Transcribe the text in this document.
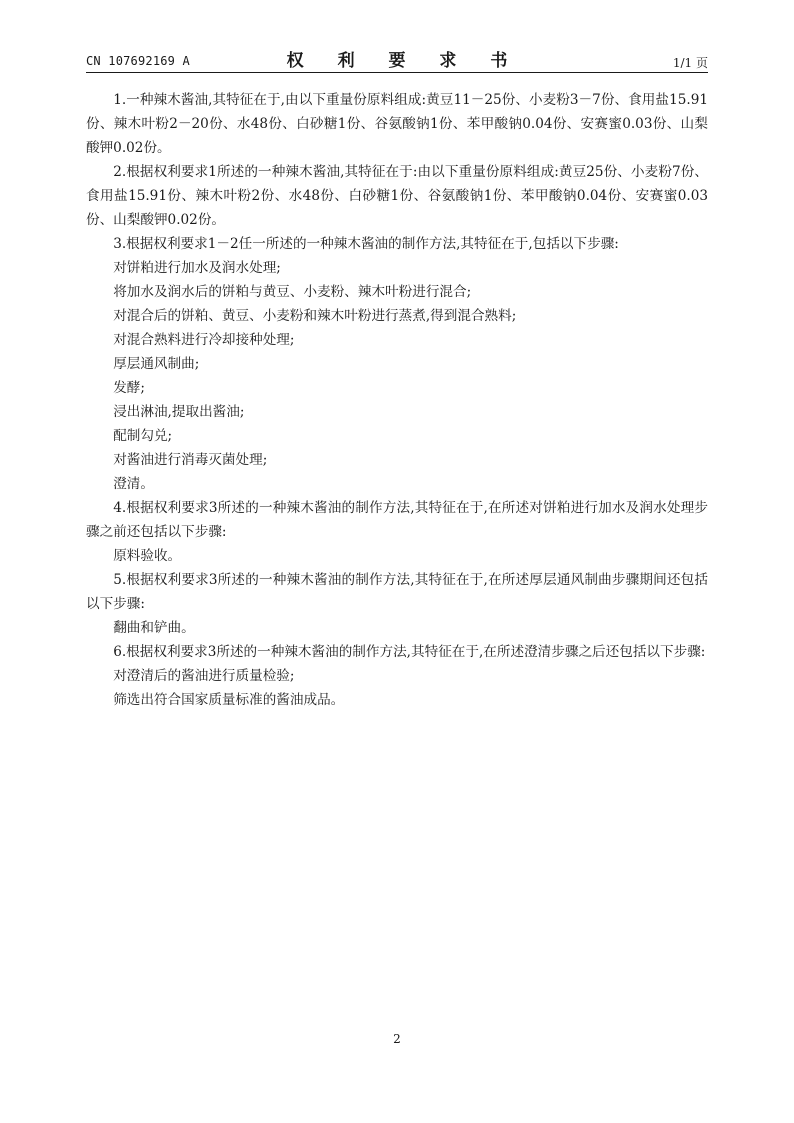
CN 107692169 A	权 利 要 求 书	1/1 页

1.一种辣木酱油,其特征在于,由以下重量份原料组成:黄豆11－25份、小麦粉3－7份、食用盐15.91份、辣木叶粉2－20份、水48份、白砂糖1份、谷氨酸钠1份、苯甲酸钠0.04份、安赛蜜0.03份、山梨酸钾0.02份。

2.根据权利要求1所述的一种辣木酱油,其特征在于:由以下重量份原料组成:黄豆25份、小麦粉7份、食用盐15.91份、辣木叶粉2份、水48份、白砂糖1份、谷氨酸钠1份、苯甲酸钠0.04份、安赛蜜0.03份、山梨酸钾0.02份。

3.根据权利要求1－2任一所述的一种辣木酱油的制作方法,其特征在于,包括以下步骤:

对饼粕进行加水及润水处理;

将加水及润水后的饼粕与黄豆、小麦粉、辣木叶粉进行混合;

对混合后的饼粕、黄豆、小麦粉和辣木叶粉进行蒸煮,得到混合熟料;

对混合熟料进行冷却接种处理;

厚层通风制曲;

发酵;

浸出淋油,提取出酱油;

配制勾兑;

对酱油进行消毒灭菌处理;

澄清。

4.根据权利要求3所述的一种辣木酱油的制作方法,其特征在于,在所述对饼粕进行加水及润水处理步骤之前还包括以下步骤:

原料验收。

5.根据权利要求3所述的一种辣木酱油的制作方法,其特征在于,在所述厚层通风制曲步骤期间还包括以下步骤:

翻曲和铲曲。

6.根据权利要求3所述的一种辣木酱油的制作方法,其特征在于,在所述澄清步骤之后还包括以下步骤:

对澄清后的酱油进行质量检验;

筛选出符合国家质量标准的酱油成品。

2
